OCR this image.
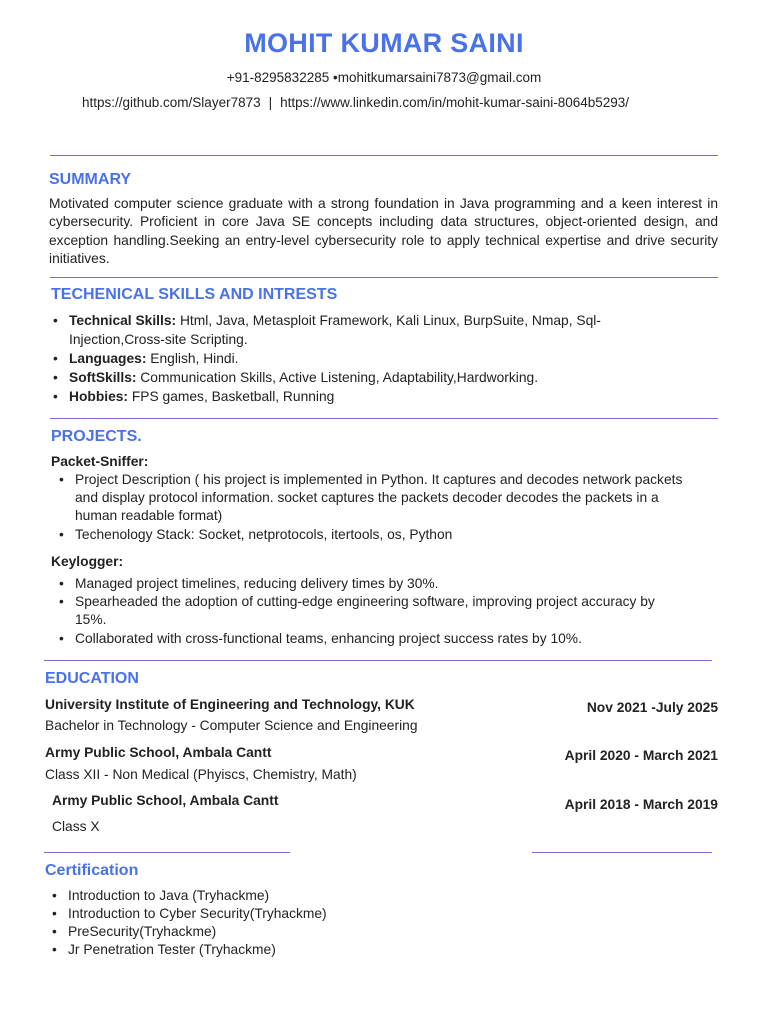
MOHIT KUMAR SAINI
+91-8295832285 •mohitkumarsaini7873@gmail.com
https://github.com/Slayer7873 | https://www.linkedin.com/in/mohit-kumar-saini-8064b5293/
SUMMARY
Motivated computer science graduate with a strong foundation in Java programming and a keen interest in cybersecurity. Proficient in core Java SE concepts including data structures, object-oriented design, and exception handling.Seeking an entry-level cybersecurity role to apply technical expertise and drive security initiatives.
TECHENICAL SKILLS AND INTRESTS
• Technical Skills: Html, Java, Metasploit Framework, Kali Linux, BurpSuite, Nmap, Sql-Injection,Cross-site Scripting.
• Languages: English, Hindi.
• SoftSkills: Communication Skills, Active Listening, Adaptability,Hardworking.
• Hobbies: FPS games, Basketball, Running
PROJECTS.
Packet-Sniffer:
• Project Description ( his project is implemented in Python. It captures and decodes network packets and display protocol information. socket captures the packets decoder decodes the packets in a human readable format)
• Techenology Stack: Socket, netprotocols, itertools, os, Python
Keylogger:
• Managed project timelines, reducing delivery times by 30%.
• Spearheaded the adoption of cutting-edge engineering software, improving project accuracy by 15%.
• Collaborated with cross-functional teams, enhancing project success rates by 10%.
EDUCATION
University Institute of Engineering and Technology, KUK	Nov 2021 -July 2025
Bachelor in Technology - Computer Science and Engineering
Army Public School, Ambala Cantt	April 2020 - March 2021
Class XII - Non Medical (Phyiscs, Chemistry, Math)
Army Public School, Ambala Cantt	April 2018 - March 2019
Class X
Certification
• Introduction to Java (Tryhackme)
• Introduction to Cyber Security(Tryhackme)
• PreSecurity(Tryhackme)
• Jr Penetration Tester (Tryhackme)
